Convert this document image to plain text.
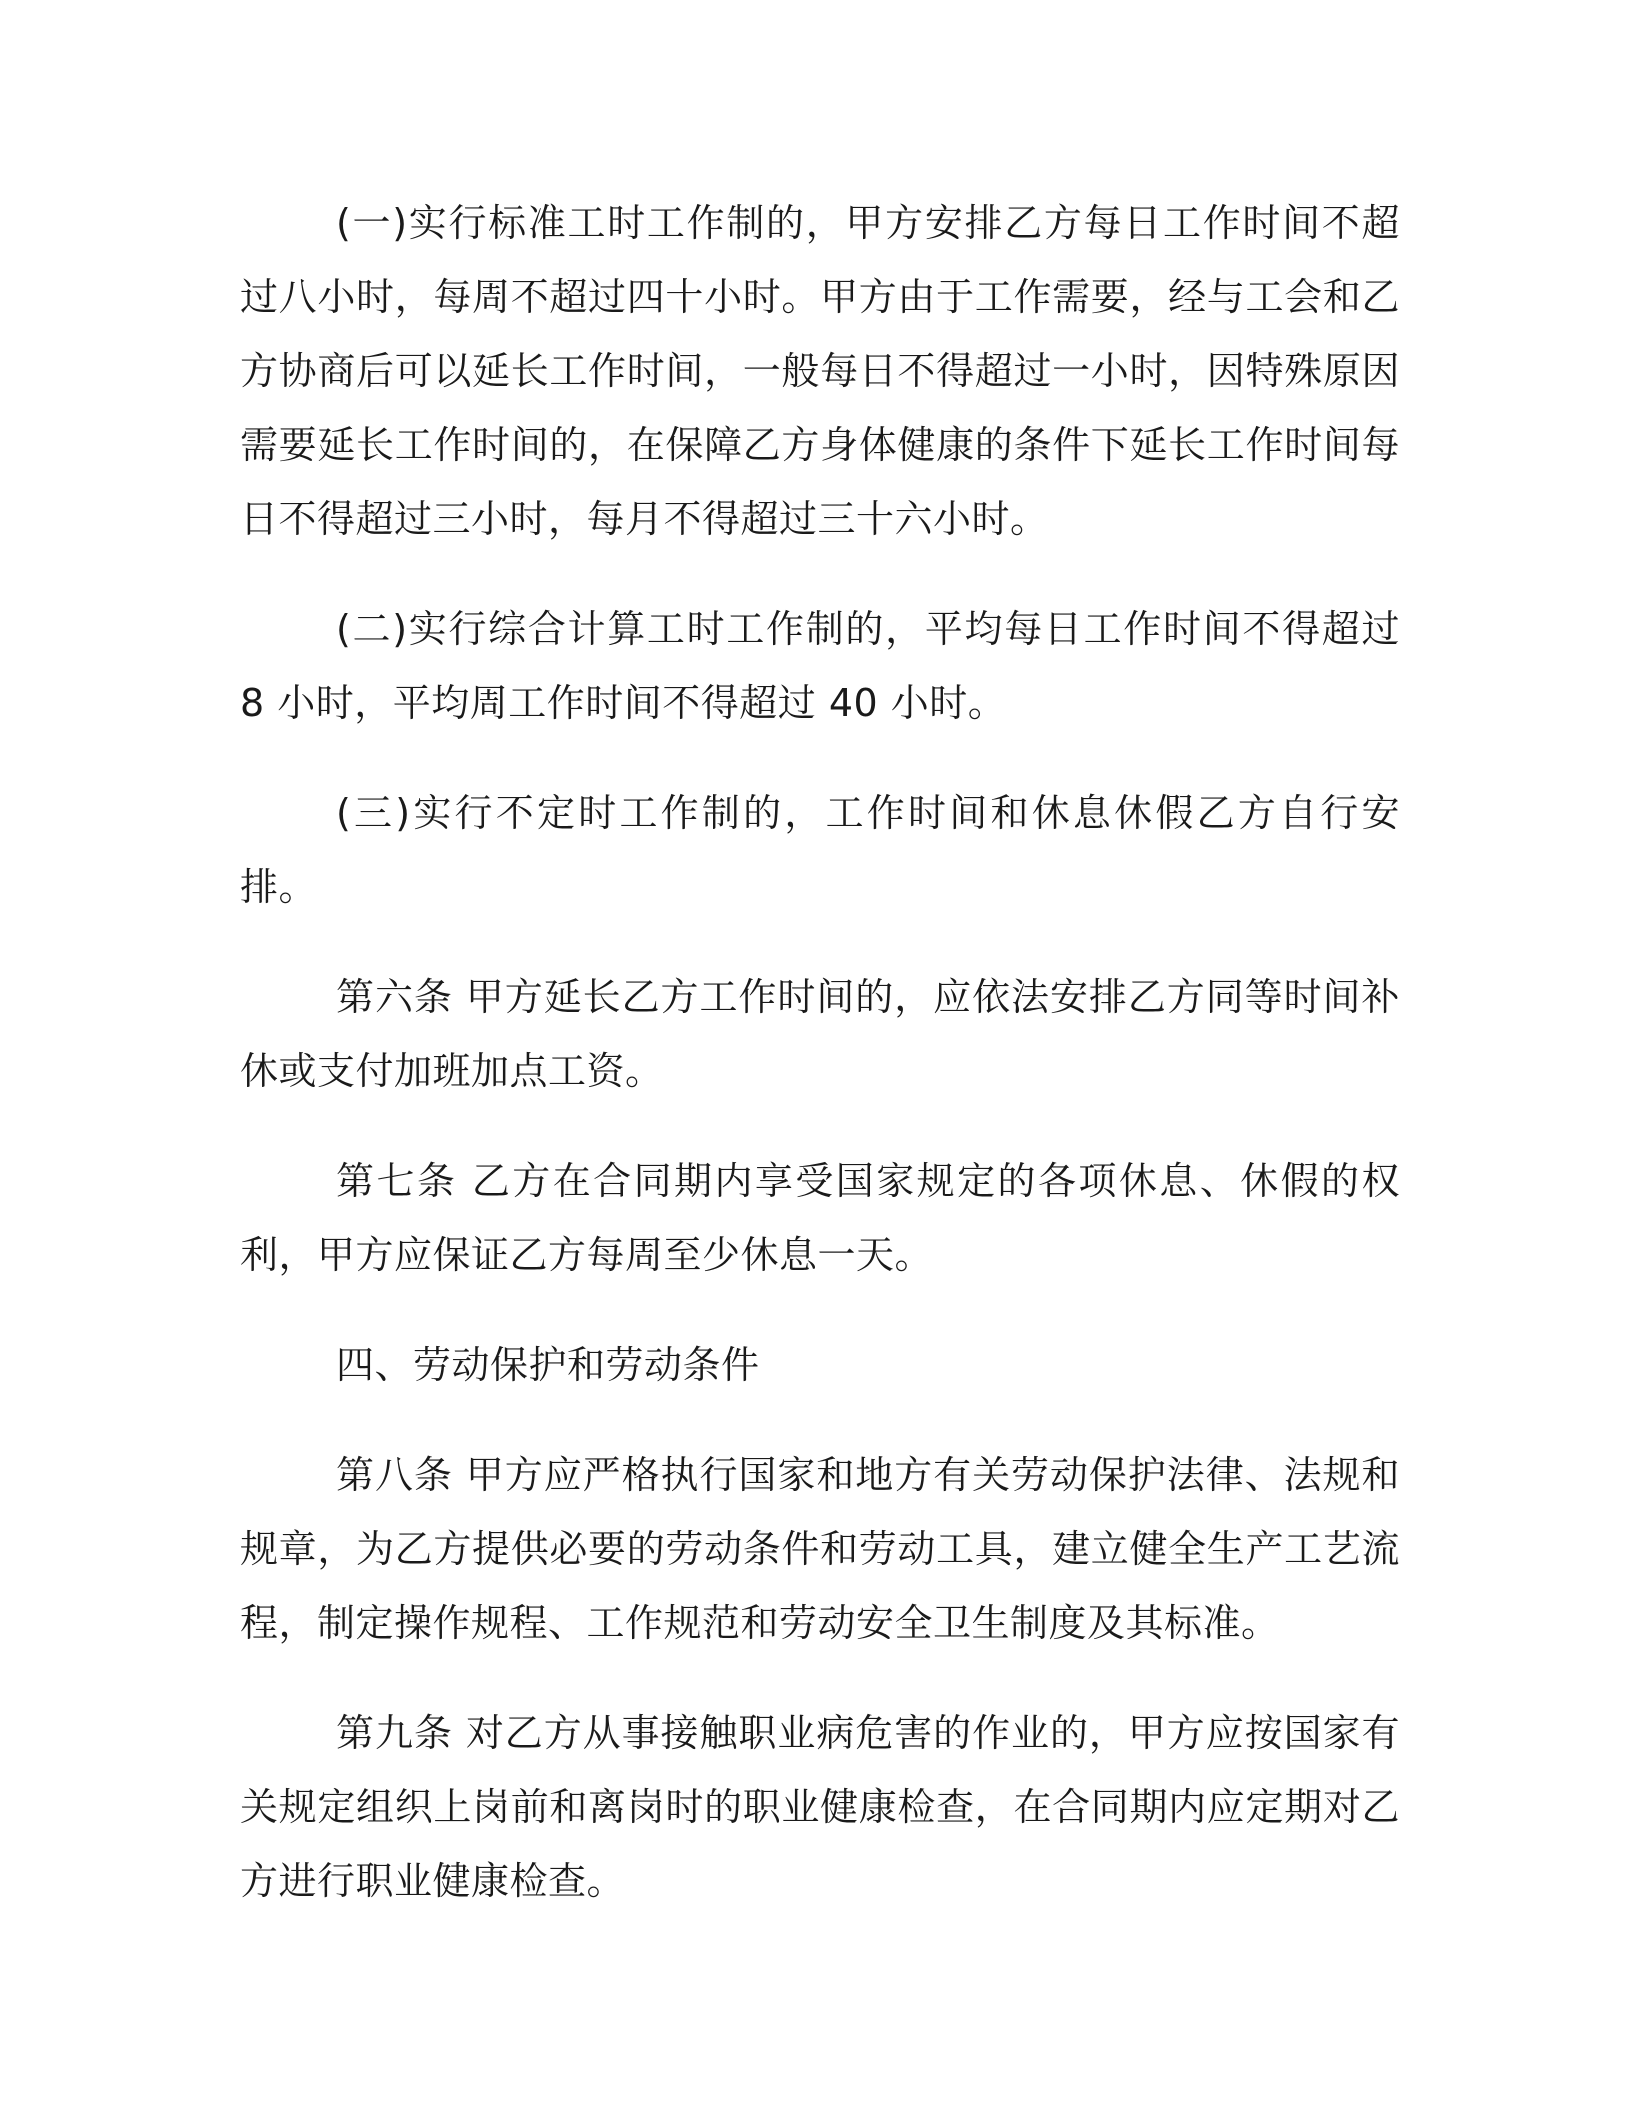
(一)实行标准工时工作制的，甲方安排乙方每日工作时间不超过八小时，每周不超过四十小时。甲方由于工作需要，经与工会和乙方协商后可以延长工作时间，一般每日不得超过一小时，因特殊原因需要延长工作时间的，在保障乙方身体健康的条件下延长工作时间每日不得超过三小时，每月不得超过三十六小时。

(二)实行综合计算工时工作制的，平均每日工作时间不得超过 8 小时，平均周工作时间不得超过 40 小时。

(三)实行不定时工作制的，工作时间和休息休假乙方自行安排。

第六条 甲方延长乙方工作时间的，应依法安排乙方同等时间补休或支付加班加点工资。

第七条 乙方在合同期内享受国家规定的各项休息、休假的权利，甲方应保证乙方每周至少休息一天。

四、劳动保护和劳动条件

第八条 甲方应严格执行国家和地方有关劳动保护法律、法规和规章，为乙方提供必要的劳动条件和劳动工具，建立健全生产工艺流程，制定操作规程、工作规范和劳动安全卫生制度及其标准。

第九条 对乙方从事接触职业病危害的作业的，甲方应按国家有关规定组织上岗前和离岗时的职业健康检查，在合同期内应定期对乙方进行职业健康检查。
